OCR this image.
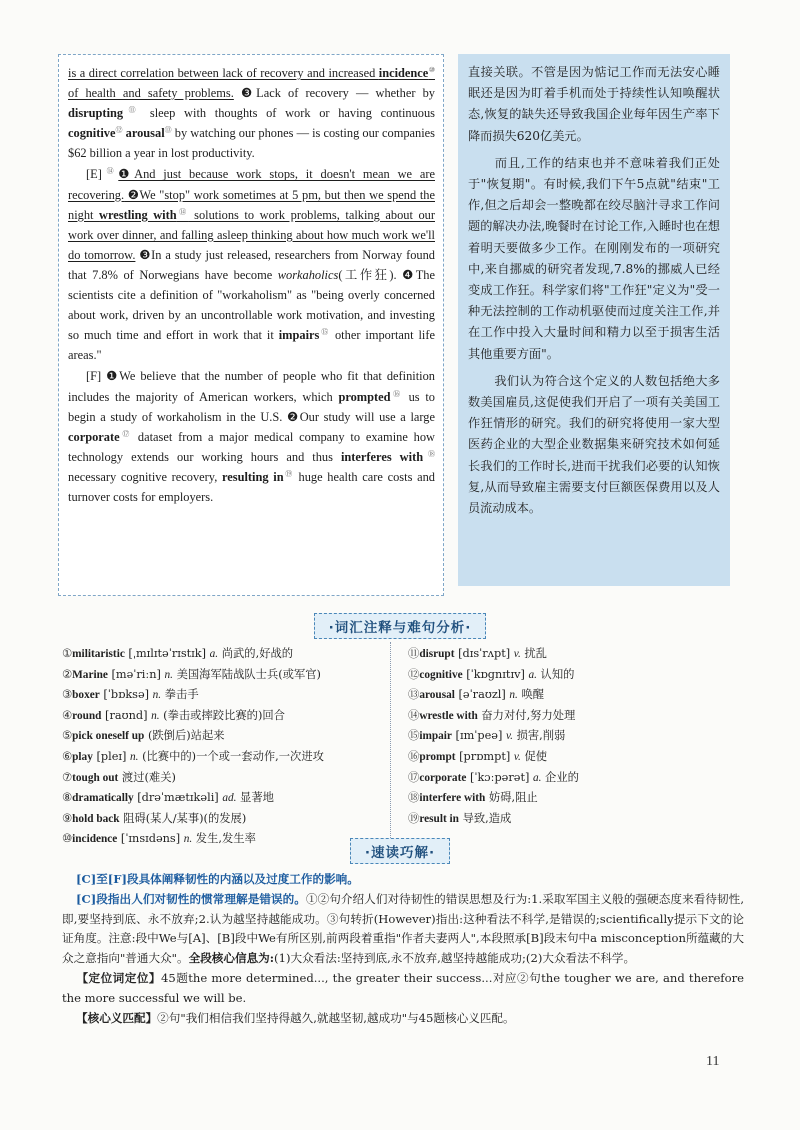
is a direct correlation between lack of recovery and increased incidence⑩ of health and safety problems. ❸Lack of recovery — whether by disrupting⑪ sleep with thoughts of work or having continuous cognitive⑫ arousal⑬ by watching our phones — is costing our companies $62 billion a year in lost productivity.

[E]⑭❶And just because work stops, it doesn't mean we are recovering. ❷We "stop" work sometimes at 5 pm, but then we spend the night wrestling with⑭ solutions to work problems, talking about our work over dinner, and falling asleep thinking about how much work we'll do tomorrow. ❸In a study just released, researchers from Norway found that 7.8% of Norwegians have become workaholics(工作狂). ❹The scientists cite a definition of "workaholism" as "being overly concerned about work, driven by an uncontrollable work motivation, and investing so much time and effort in work that it impairs⑮ other important life areas."

[F] ❶We believe that the number of people who fit that definition includes the majority of American workers, which prompted⑯ us to begin a study of workaholism in the U.S. ❷Our study will use a large corporate⑰ dataset from a major medical company to examine how technology extends our working hours and thus interferes with⑱ necessary cognitive recovery, resulting in⑲ huge health care costs and turnover costs for employers.

直接关联。不管是因为惦记工作而无法安心睡眠还是因为盯着手机而处于持续性认知唤醒状态,恢复的缺失还导致我国企业每年因生产率下降而损失620亿美元。

而且,工作的结束也并不意味着我们正处于"恢复期"。有时候,我们下午5点就"结束"工作,但之后却会一整晚都在绞尽脑汁寻求工作问题的解决办法,晚餐时在讨论工作,入睡时也在想着明天要做多少工作。在刚刚发布的一项研究中,来自挪威的研究者发现,7.8%的挪威人已经变成工作狂。科学家们将"工作狂"定义为"受一种无法控制的工作动机驱使而过度关注工作,并在工作中投入大量时间和精力以至于损害生活其他重要方面"。

我们认为符合这个定义的人数包括绝大多数美国雇员,这促使我们开启了一项有关美国工作狂情形的研究。我们的研究将使用一家大型医药企业的大型企业数据集来研究技术如何延长我们的工作时长,进而干扰我们必要的认知恢复,从而导致雇主需要支付巨额医保费用以及人员流动成本。

·词汇注释与难句分析·
①militaristic [ˌmɪlɪtəˈrɪstɪk] a. 尚武的,好战的
②Marine [məˈriːn] n. 美国海军陆战队士兵(或军官)
③boxer [ˈbɒksə] n. 拳击手
④round [raʊnd] n. (拳击或摔跤比赛的)回合
⑤pick oneself up (跌倒后)站起来
⑥play [pleɪ] n. (比赛中的)一个或一套动作,一次进攻
⑦tough out 渡过(难关)
⑧dramatically [drəˈmætɪkəli] ad. 显著地
⑨hold back 阻碍(某人/某事)(的发展)
⑩incidence [ˈɪnsɪdəns] n. 发生,发生率
⑪disrupt [dɪsˈrʌpt] v. 扰乱
⑫cognitive [ˈkɒgnɪtɪv] a. 认知的
⑬arousal [əˈraʊzl] n. 唤醒
⑭wrestle with 奋力对付,努力处理
⑮impair [ɪmˈpeə] v. 损害,削弱
⑯prompt [prɒmpt] v. 促使
⑰corporate [ˈkɔːpərət] a. 企业的
⑱interfere with 妨碍,阻止
⑲result in 导致,造成
·速读巧解·
[C]至[F]段具体阐释韧性的内涵以及过度工作的影响。
[C]段指出人们对韧性的惯常理解是错误的。①②句介绍人们对待韧性的错误思想及行为:1.采取军国主义般的强硬态度来看待韧性,即,要坚持到底、永不放弃;2.认为越坚持越能成功。③句转折(However)指出:这种看法不科学,是错误的;scientifically提示下文的论证角度。注意:段中We与[A]、[B]段中We有所区别,前两段着重指"作者夫妻两人",本段照承[B]段末句中a misconception所蕴藏的大众之意指向"普通大众"。全段核心信息为:(1)大众看法:坚持到底,永不放弃,越坚持越能成功;(2)大众看法不科学。
【定位词定位】45题the more determined..., the greater their success...对应②句the tougher we are, and therefore the more successful we will be.
【核心义匹配】②句"我们相信我们坚持得越久,就越坚韧,越成功"与45题核心义匹配。
11
